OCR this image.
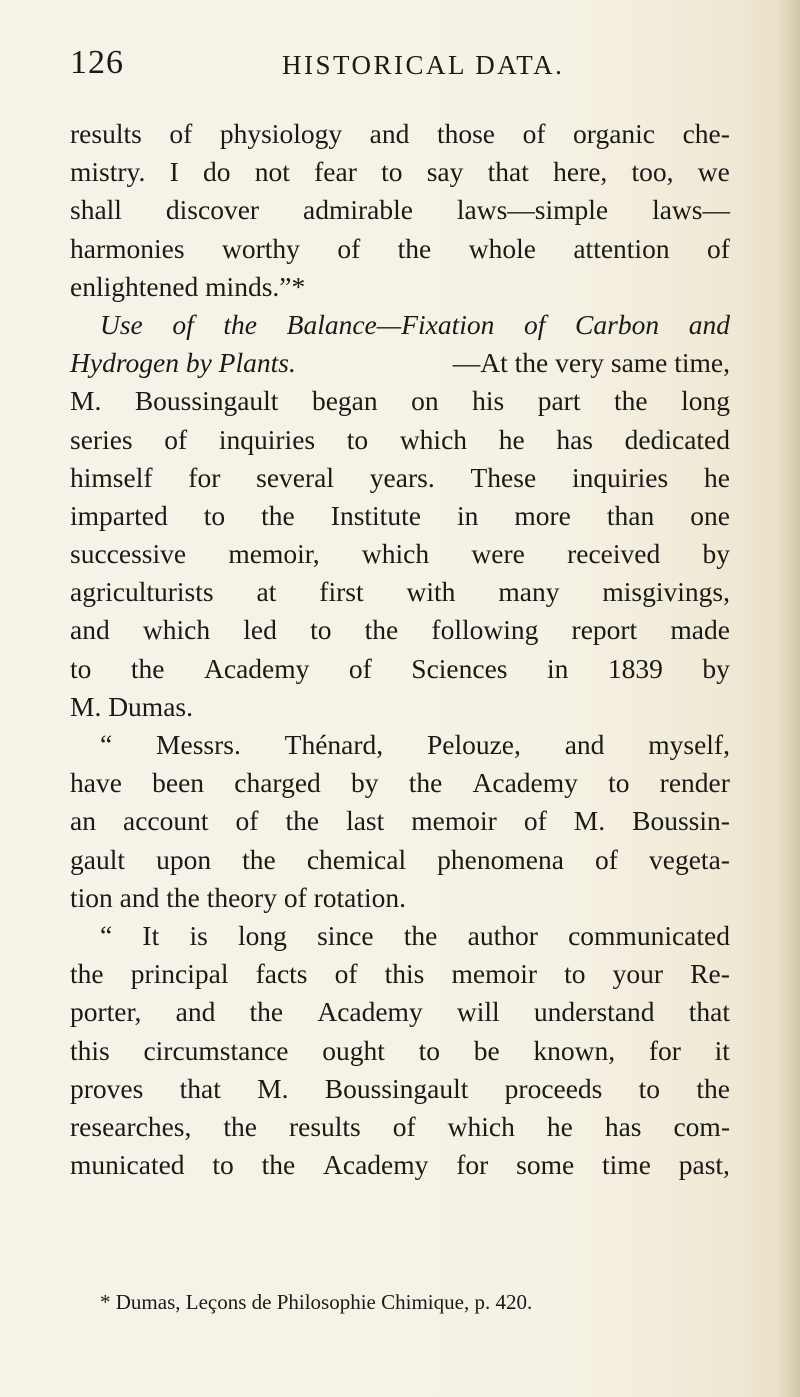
126	HISTORICAL DATA.
results of physiology and those of organic che-
mistry. I do not fear to say that here, too, we
shall discover admirable laws—simple laws—
harmonies worthy of the whole attention of
enlightened minds.”*
Use of the Balance—Fixation of Carbon and
Hydrogen by Plants.	—At the very same time,
M. Boussingault began on his part the long
series of inquiries to which he has dedicated
himself for several years. These inquiries he
imparted to the Institute in more than one
successive memoir, which were received by
agriculturists at first with many misgivings,
and which led to the following report made
to the Academy of Sciences in 1839 by
M. Dumas.
“ Messrs. Thénard, Pelouze, and myself,
have been charged by the Academy to render
an account of the last memoir of M. Boussin-
gault upon the chemical phenomena of vegeta-
tion and the theory of rotation.
“ It is long since the author communicated
the principal facts of this memoir to your Re-
porter, and the Academy will understand that
this circumstance ought to be known, for it
proves that M. Boussingault proceeds to the
researches, the results of which he has com-
municated to the Academy for some time past,
* Dumas, Leçons de Philosophie Chimique, p. 420.
